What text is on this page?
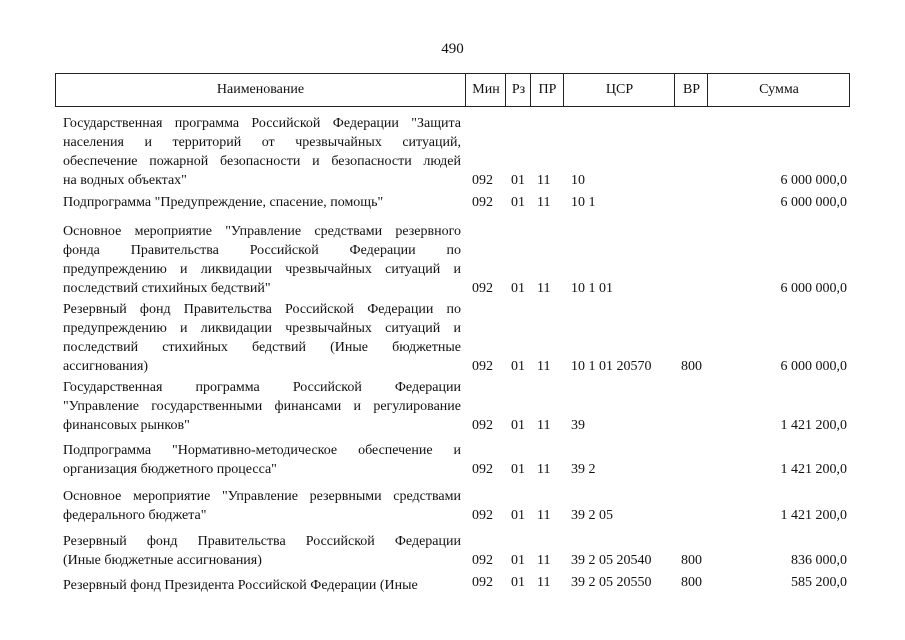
490
Наименование	Мин Рз ПР	ЦСР	ВР	Сумма
Государственная программа Российской Федерации "Защита
населения и территорий от чрезвычайных ситуаций,
обеспечение пожарной безопасности и безопасности людей
на водных объектах"	092 01 11 10	6 000 000,0
Подпрограмма "Предупреждение, спасение, помощь"	092 01 11 10 1	6 000 000,0
Основное мероприятие "Управление средствами резервного
фонда Правительства Российской Федерации по
предупреждению и ликвидации чрезвычайных ситуаций и
последствий стихийных бедствий"	092 01 11 10 1 01	6 000 000,0
Резервный фонд Правительства Российской Федерации по
предупреждению и ликвидации чрезвычайных ситуаций и
последствий стихийных бедствий (Иные бюджетные
ассигнования)	092 01 11 10 1 01 20570 800	6 000 000,0
Государственная программа Российской Федерации
"Управление государственными финансами и регулирование
финансовых рынков"	092 01 11 39	1 421 200,0
Подпрограмма "Нормативно-методическое обеспечение и
организация бюджетного процесса"	092 01 11 39 2	1 421 200,0
Основное мероприятие "Управление резервными средствами
федерального бюджета"	092 01 11 39 2 05	1 421 200,0
Резервный фонд Правительства Российской Федерации
(Иные бюджетные ассигнования)	092 01 11 39 2 05 20540 800	836 000,0
Резервный фонд Президента Российской Федерации (Иные	092 01 11 39 2 05 20550 800	585 200,0
